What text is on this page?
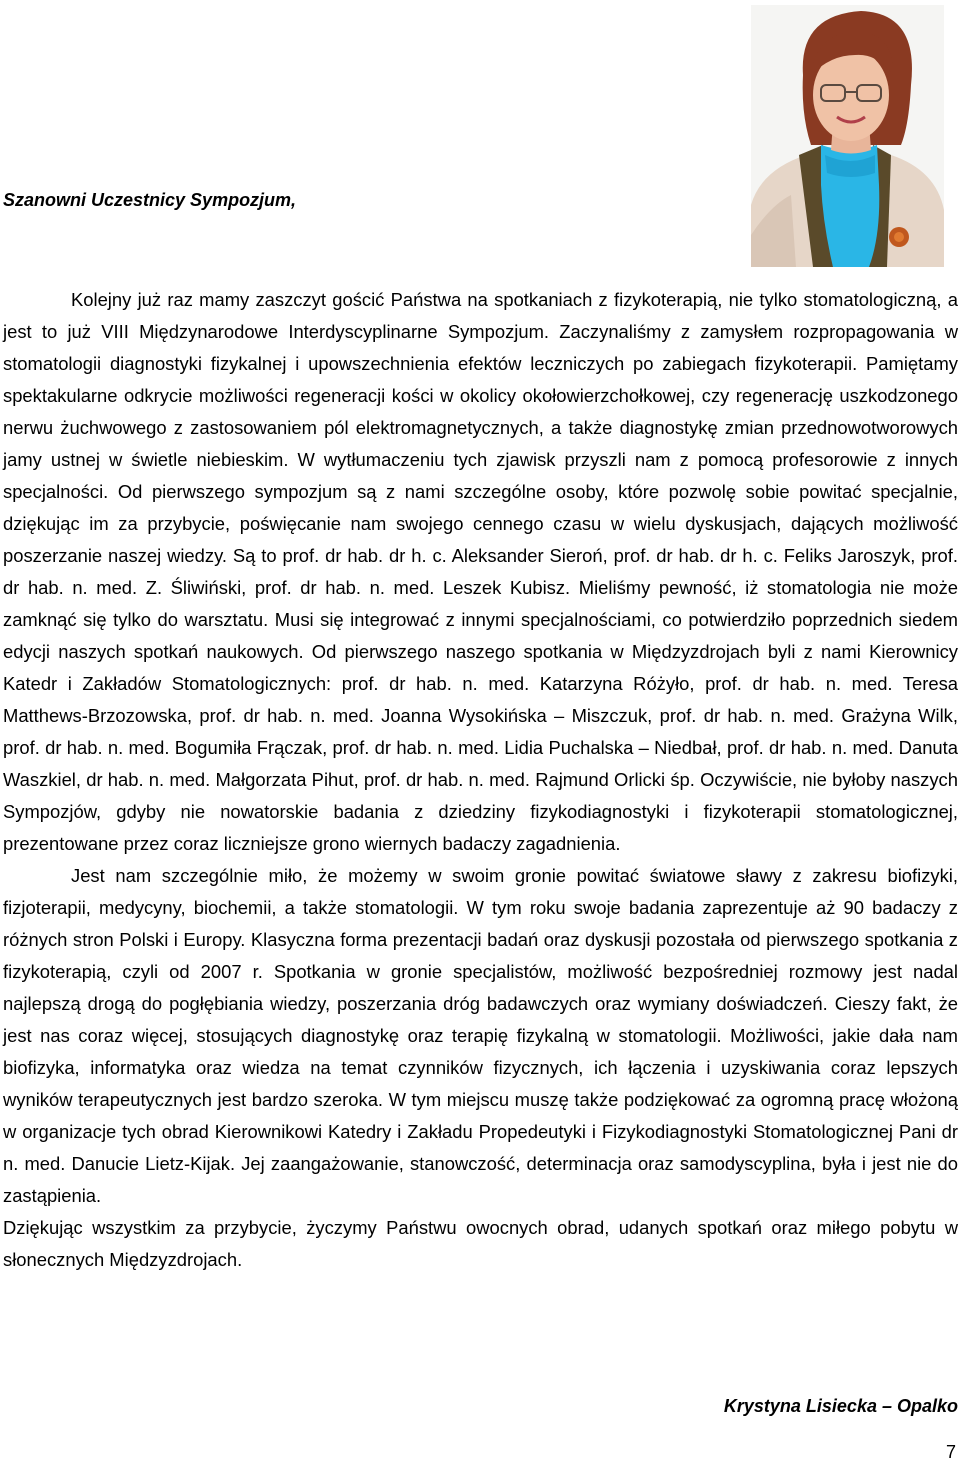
Szanowni Uczestnicy Sympozjum,

Kolejny już raz mamy zaszczyt gościć Państwa na spotkaniach z fizykoterapią, nie tylko stomatologiczną, a jest to już VIII Międzynarodowe Interdyscyplinarne Sympozjum. Zaczynaliśmy z zamysłem rozpropagowania w stomatologii diagnostyki fizykalnej i upowszechnienia efektów leczniczych po zabiegach fizykoterapii. Pamiętamy spektakularne odkrycie możliwości regeneracji kości w okolicy okołowierzchołkowej, czy regenerację uszkodzonego nerwu żuchwowego z zastosowaniem pól elektromagnetycznych, a także diagnostykę zmian przednowotworowych jamy ustnej w świetle niebieskim. W wytłumaczeniu tych zjawisk przyszli nam z pomocą profesorowie z innych specjalności. Od pierwszego sympozjum są z nami szczególne osoby, które pozwolę sobie powitać specjalnie, dziękując im za przybycie, poświęcanie nam swojego cennego czasu w wielu dyskusjach, dających możliwość poszerzanie naszej wiedzy. Są to prof. dr hab. dr h. c. Aleksander Sieroń, prof. dr hab. dr h. c. Feliks Jaroszyk, prof. dr hab. n. med. Z. Śliwiński, prof. dr hab. n. med. Leszek Kubisz. Mieliśmy pewność, iż stomatologia nie może zamknąć się tylko do warsztatu. Musi się integrować z innymi specjalnościami, co potwierdziło poprzednich siedem edycji naszych spotkań naukowych. Od pierwszego naszego spotkania w Międzyzdrojach byli z nami Kierownicy Katedr i Zakładów Stomatologicznych: prof. dr hab. n. med. Katarzyna Różyło, prof. dr hab. n. med. Teresa Matthews-Brzozowska, prof. dr hab. n. med. Joanna Wysokińska – Miszczuk, prof. dr hab. n. med. Grażyna Wilk, prof. dr hab. n. med. Bogumiła Frączak, prof. dr hab. n. med. Lidia Puchalska – Niedbał, prof. dr hab. n. med. Danuta Waszkiel, dr hab. n. med. Małgorzata Pihut, prof. dr hab. n. med. Rajmund Orlicki śp. Oczywiście, nie byłoby naszych Sympozjów, gdyby nie nowatorskie badania z dziedziny fizykodiagnostyki i fizykoterapii stomatologicznej, prezentowane przez coraz liczniejsze grono wiernych badaczy zagadnienia.

Jest nam szczególnie miło, że możemy w swoim gronie powitać światowe sławy z zakresu biofizyki, fizjoterapii, medycyny, biochemii, a także stomatologii. W tym roku swoje badania zaprezentuje aż 90 badaczy z różnych stron Polski i Europy. Klasyczna forma prezentacji badań oraz dyskusji pozostała od pierwszego spotkania z fizykoterapią, czyli od 2007 r. Spotkania w gronie specjalistów, możliwość bezpośredniej rozmowy jest nadal najlepszą drogą do pogłębiania wiedzy, poszerzania dróg badawczych oraz wymiany doświadczeń. Cieszy fakt, że jest nas coraz więcej, stosujących diagnostykę oraz terapię fizykalną w stomatologii. Możliwości, jakie dała nam biofizyka, informatyka oraz wiedza na temat czynników fizycznych, ich łączenia i uzyskiwania coraz lepszych wyników terapeutycznych jest bardzo szeroka. W tym miejscu muszę także podziękować za ogromną pracę włożoną w organizacje tych obrad Kierownikowi Katedry i Zakładu Propedeutyki i Fizykodiagnostyki Stomatologicznej Pani dr n. med. Danucie Lietz-Kijak. Jej zaangażowanie, stanowczość, determinacja oraz samodyscyplina, była i jest nie do zastąpienia.

Dziękując wszystkim za przybycie, życzymy Państwu owocnych obrad, udanych spotkań oraz miłego pobytu w słonecznych Międzyzdrojach.

Krystyna Lisiecka – Opalko

7
